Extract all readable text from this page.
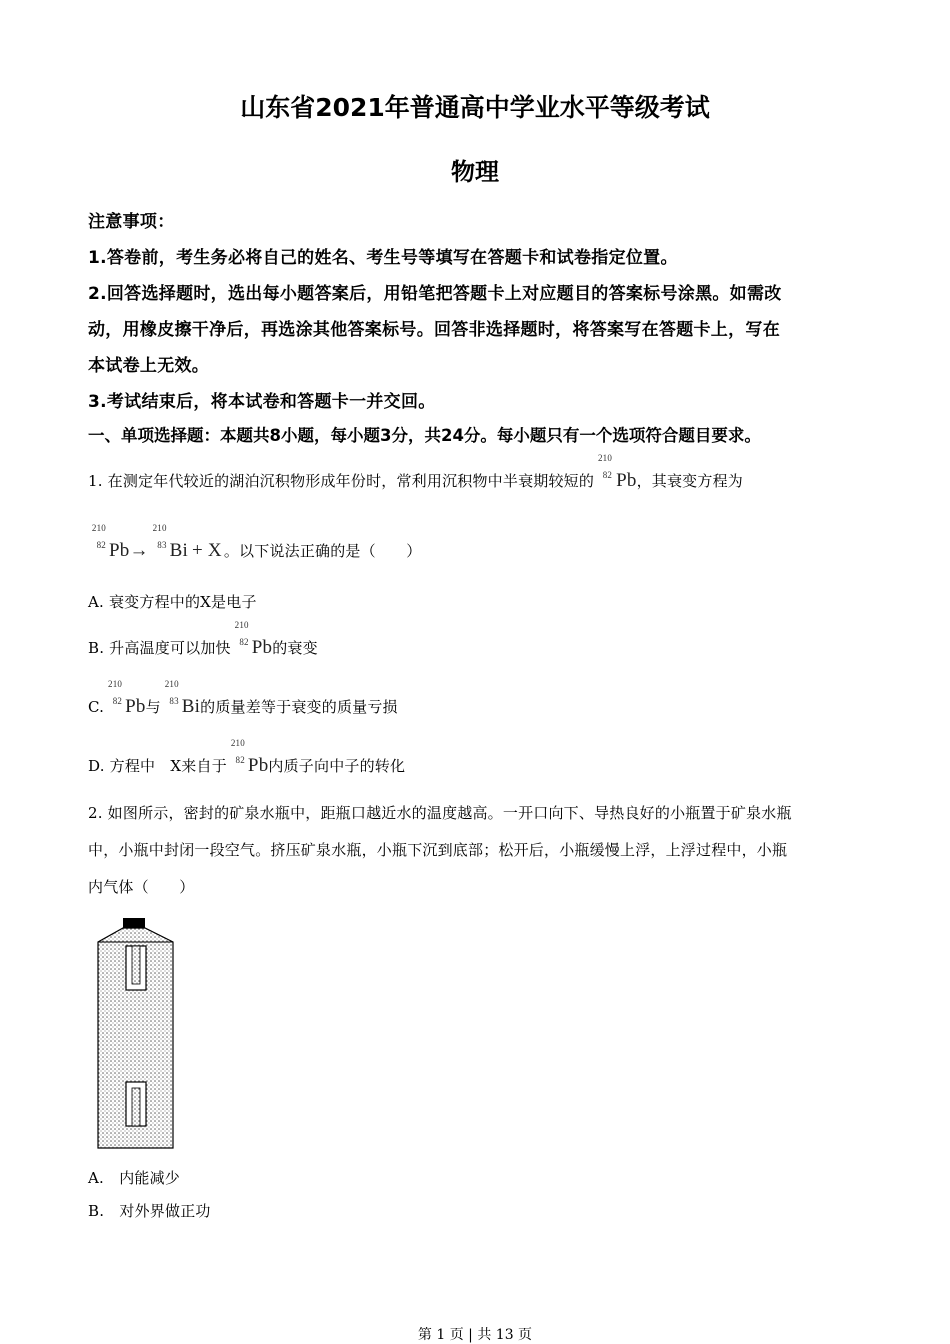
山东省2021年普通高中学业水平等级考试
物理
注意事项：
1.答卷前，考生务必将自己的姓名、考生号等填写在答题卡和试卷指定位置。
2.回答选择题时，选出每小题答案后，用铅笔把答题卡上对应题目的答案标号涂黑。如需改
动，用橡皮擦干净后，再选涂其他答案标号。回答非选择题时，将答案写在答题卡上，写在
本试卷上无效。
3.考试结束后，将本试卷和答题卡一并交回。
一、单项选择题：本题共8小题，每小题3分，共24分。每小题只有一个选项符合题目要求。
1. 在测定年代较近的湖泊沉积物形成年份时，常利用沉积物中半衰期较短的
210
82 Pb，其衰变方程为
210
82 Pb→
210
83 Bi + X 。以下说法正确的是（　　）
A. 衰变方程中的X是电子
B. 升高温度可以加快
210
82 Pb的衰变
C.
210
82 Pb与
210
83 Bi的质量差等于衰变的质量亏损
D. 方程中　X来自于
210
82 Pb内质子向中子的转化
2. 如图所示，密封的矿泉水瓶中，距瓶口越近水的温度越高。一开口向下、导热良好的小瓶置于矿泉水瓶
中，小瓶中封闭一段空气。挤压矿泉水瓶，小瓶下沉到底部；松开后，小瓶缓慢上浮，上浮过程中，小瓶
内气体（　　）
A.　内能减少
B.　对外界做正功
第 1 页 | 共 13 页
